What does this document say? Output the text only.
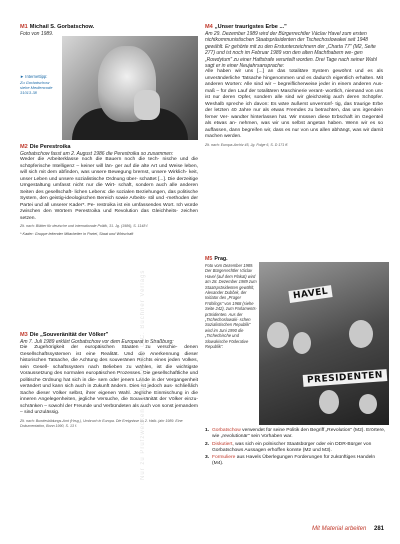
M1 Michail S. Gorbatschow.
Foto von 1989.
► Internettipp:
Zu Gorbatschow siehe Mediencode 31013-38
M2 Die Perestroika
Gorbatschow fasst am 2. August 1986 die Perestroika so zusammen:
Weder die Arbeiterklasse noch die Bauern noch die tech- nische und die schöpferische Intelligenz – keiner will län- ger auf die alte Art und Weise leben, will sich mit dem abfinden, was unsere Bewegung bremst, unsere Wirklich- keit, unser Leben und unsere sozialistische Ordnung über- schattet [...]. Die derzeitige Umgestaltung umfasst nicht nur die Wirt- schaft, sondern auch alle anderen Seiten des gesellschaft- lichen Lebens: die sozialen Beziehungen, das politische System, den geistig-ideologischen Bereich sowie Arbeits- stil und -methoden der Partei und all unserer Kader*. Pe- restroika ist ein umfassendes Wort. Ich würde zwischen den Wörtern Perestroika und Revolution das Gleichheits- zeichen setzen.
Zit. nach: Blätter für deutsche und internationale Politik, 31. Jg. (1986), S. 1148 f.
* Kader: Gruppe leitender Mitarbeiter in Partei, Staat und Wirtschaft
M3 Die „Souveränität der Völker"
Am 7. Juli 1989 erklärt Gorbatschow vor dem Europarat in Straßburg:
Die Zugehörigkeit der europäischen Staaten zu verschie- denen Gesellschaftssystemen ist eine Realität. Und die Anerkennung dieser historischen Tatsache, die Achtung des souveränen Rechts eines jeden Volkes, sein Gesell- schaftssystem nach Belieben zu wählen, ist die wichtigste Voraussetzung des normalen europäischen Prozesses. Die gesellschaftliche und politische Ordnung hat sich in die- sem oder jenem Lande in der Vergangenheit verändert und kann sich auch in Zukunft ändern. Dies ist jedoch aus- schließlich Sache dieser Völker selbst, ihrer eigenen Wahl. Jegliche Einmischung in die inneren Angelegenheiten, jegliche Versuche, die Souveränität der Völker einzu- schränken – sowohl der Freunde und Verbündeten als auch von sonst jemandem – sind unzulässig.
Zit. nach: Bundesbildungs-Amt (Hrsg.), Umbruch in Europa. Die Ereignisse im 2. Halb- jahr 1989. Eine Dokumentation, Bonn 1990, S. 13 f.
M4 „Unser traurigstes Erbe ..."
Am 29. Dezember 1989 wird der Bürgerrechtler Václav Havel zum ersten nichtkommunistischen Staatspräsidenten der Tschechoslowakei seit 1948 gewählt. Er gehörte mit zu den Erstunterzeichnern der „Charta 77" (M2, Seite 277) und ist noch im Februar 1989 von den alten Machthabern we- gen „Rowdytum" zu einer Haftstrafe verurteilt worden. Drei Tage nach seiner Wahl sagt er in einer Neujahrsansprache:
Alle haben wir uns [...] an das totalitäre System gewöhnt und es als unveränderliche Tatsache hingenommen und es dadurch eigentlich erhalten. Mit anderen Worten: Alle sind wir – begreiflicherweise jeder in einem anderen Aus- maß – für den Lauf der totalitären Maschinerie verant- wortlich, niemand von uns ist nur deren Opfer, sondern alle sind wir gleichzeitig auch deren Schöpfer. Weshalb spreche ich davon: Es wäre äußerst unvernünf- tig, das traurige Erbe der letzten 40 Jahre nur als etwas Fremdes zu betrachten, das uns irgendein ferner Ver- wandter hinterlassen hat. Wir müssen diese Erbschaft im Gegenteil als etwas an- nehmen, was wir uns selbst angetan haben. Wenn wir es so auffassen, dann begreifen wir, dass es nur von uns allen abhängt, was wir damit machen werden.
Zit. nach: Europa-Archiv 45, Jg. Folge 6, S. D 171 ff.
M5 Prag.
Foto vom Dezember 1989. Der Bürgerrechtler Václav Havel (auf dem Plakat) wird am 28. Dezember 1989 zum Staatspräsidenten gewählt, Alexander Dubček, der Initiator des „Prager Frühlings" von 1968 (siehe Seite 242), zum Parlaments- präsidenten. Aus der „Tschechoslowaki- schen Sozialistischen Republik" wird im Juni 1990 die „Tschechische und Slowakische Föderative Republik".
HAVEL
PRESIDENTEN
1. Gorbatschow verwendet für seine Politik den Begriff „Revolution" (M2). Erörtere, wie „revolutionär" sein Vorhaben war.
2. Diskutiert, was sich ein polnischer Staatsbürger oder ein DDR-Bürger von Gorbatschows Aussagen erhoffen konnte (M2 und M3).
3. Formuliere aus Havels Überlegungen Forderungen für zukünftiges Handeln (M4).
Nur zu Prüfzwecken – Eigentum des C.C. Buchner Verlags
Mit Material arbeiten 281
